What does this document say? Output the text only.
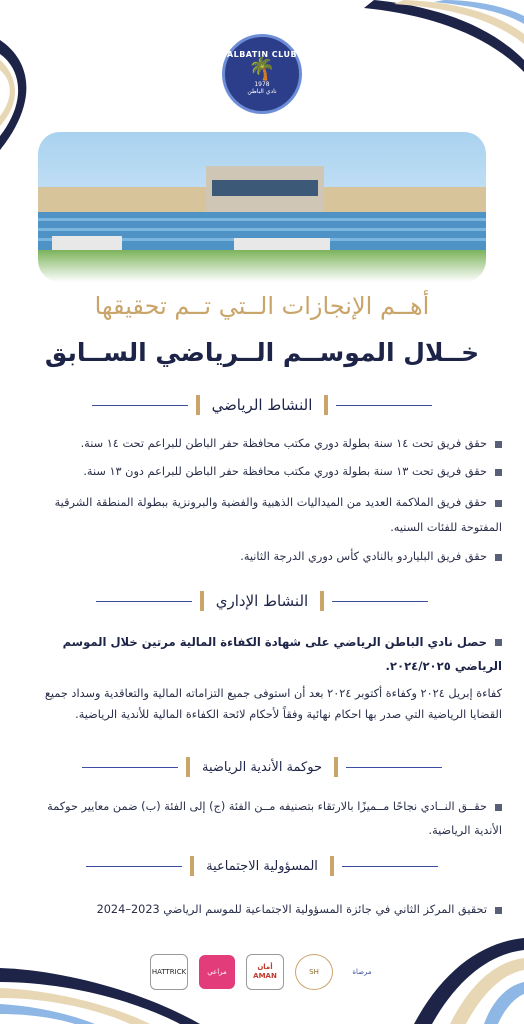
ALBATIN CLUB
🌴
1978
نادي الباطن
أهــم الإنجازات الــتي تــم تحقيقها
خــلال الموســم الــرياضي الســابق
النشاط الرياضي
حقق فريق تحت ١٤ سنة بطولة دوري مكتب محافظة حفر الباطن للبراعم تحت ١٤ سنة.
حقق فريق تحت ١٣ سنة بطولة دوري مكتب محافظة حفر الباطن للبراعم دون ١٣ سنة.
حقق فريق الملاكمة العديد من الميداليات الذهبية والفضية والبرونزية ببطولة المنطقة الشرقية المفتوحة للفئات السنيه.
حقق فريق البلياردو بالنادي كأس دوري الدرجة الثانية.
النشاط الإداري
حصل نادي الباطن الرياضي على شهادة الكفاءة المالية مرتين خلال الموسم الرياضي ٢٠٢٤/٢٠٢٥.
كفاءة إبريل ٢٠٢٤ وكفاءة أكتوبر ٢٠٢٤ بعد أن استوفى جميع التزاماته المالية والتعاقدية وسداد جميع القضايا الرياضية التي صدر بها احكام نهائية وفقاً لأحكام لائحة الكفاءة المالية للأندية الرياضية.
حوكمة الأندية الرياضية
حقــق النــادي نجاحًا مــميزًا بالارتقاء بتصنيفه مــن الفئة (ج) إلى الفئة (ب) ضمن معايير حوكمة الأندية الرياضية.
المسؤولية الاجتماعية
تحقيق المركز الثاني في جائزة المسؤولية الاجتماعية للموسم الرياضي 2023–2024
HATTRICK	مراعي
أمان AMAN
SH	مرضاة
